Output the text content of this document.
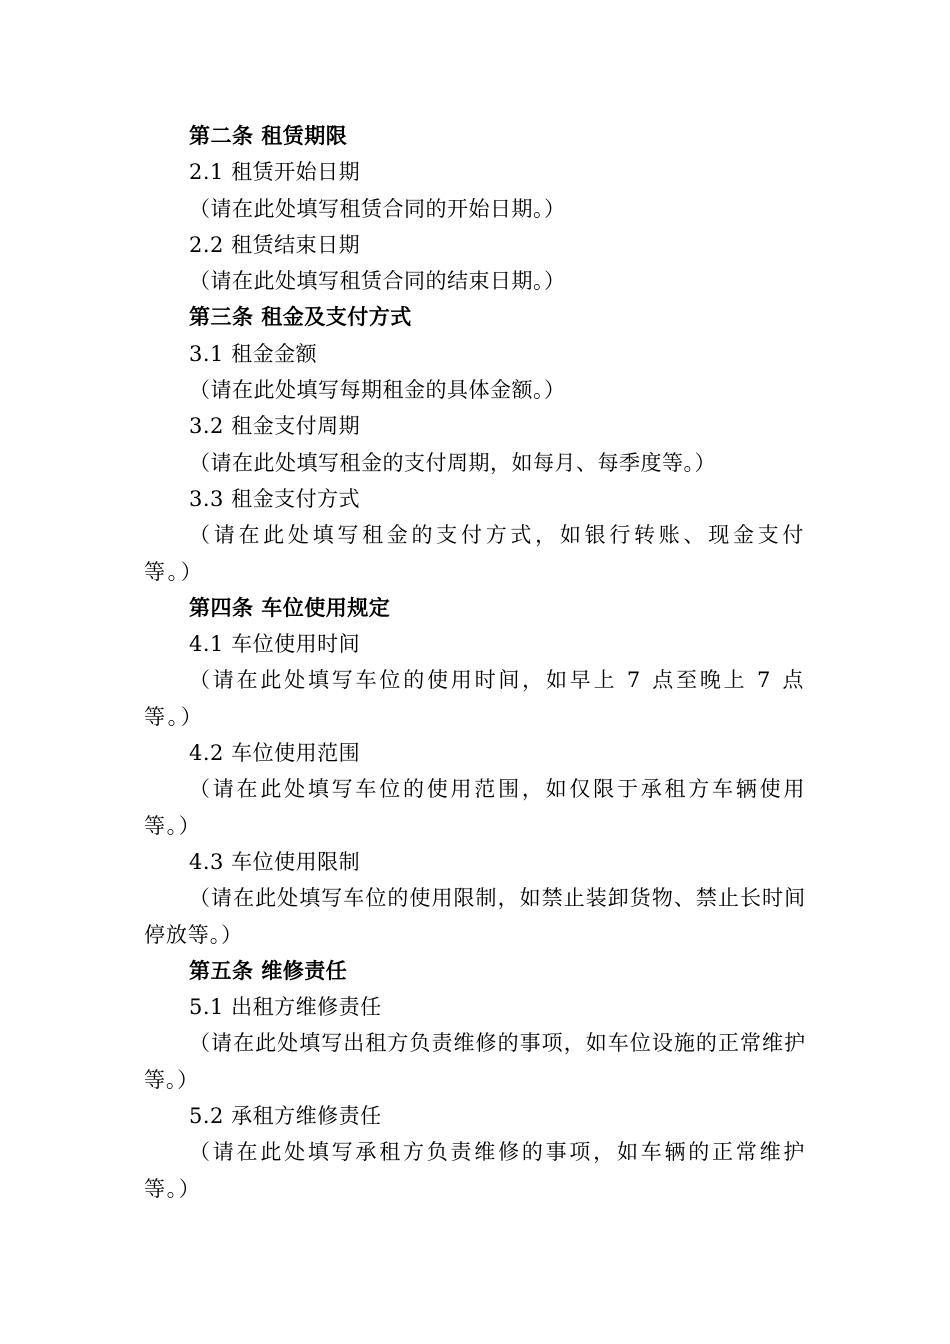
第二条 租赁期限
2.1 租赁开始日期
（请在此处填写租赁合同的开始日期。）
2.2 租赁结束日期
（请在此处填写租赁合同的结束日期。）
第三条 租金及支付方式
3.1 租金金额
（请在此处填写每期租金的具体金额。）
3.2 租金支付周期
（请在此处填写租金的支付周期，如每月、每季度等。）
3.3 租金支付方式
（请在此处填写租金的支付方式，如银行转账、现金支付等。）
第四条 车位使用规定
4.1 车位使用时间
（请在此处填写车位的使用时间，如早上 7 点至晚上 7 点等。）
4.2 车位使用范围
（请在此处填写车位的使用范围，如仅限于承租方车辆使用等。）
4.3 车位使用限制
（请在此处填写车位的使用限制，如禁止装卸货物、禁止长时间停放等。）
第五条 维修责任
5.1 出租方维修责任
（请在此处填写出租方负责维修的事项，如车位设施的正常维护等。）
5.2 承租方维修责任
（请在此处填写承租方负责维修的事项，如车辆的正常维护等。）
